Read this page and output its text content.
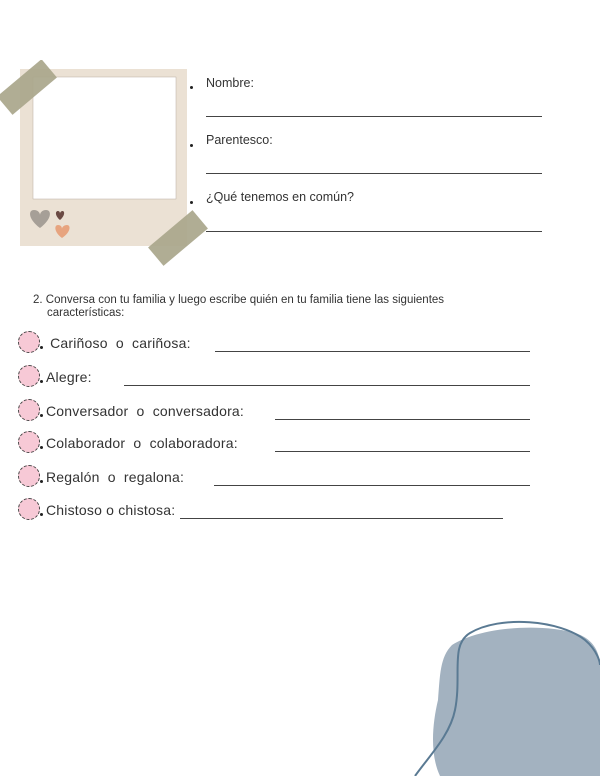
Nombre:
Parentesco:
¿Qué tenemos en común?
2. Conversa con tu familia y luego escribe quién en tu familia tiene las siguientes
características:
Cariñoso  o  cariñosa:
Alegre:
Conversador  o  conversadora:
Colaborador  o  colaboradora:
Regalón  o  regalona:
Chistoso o chistosa:
